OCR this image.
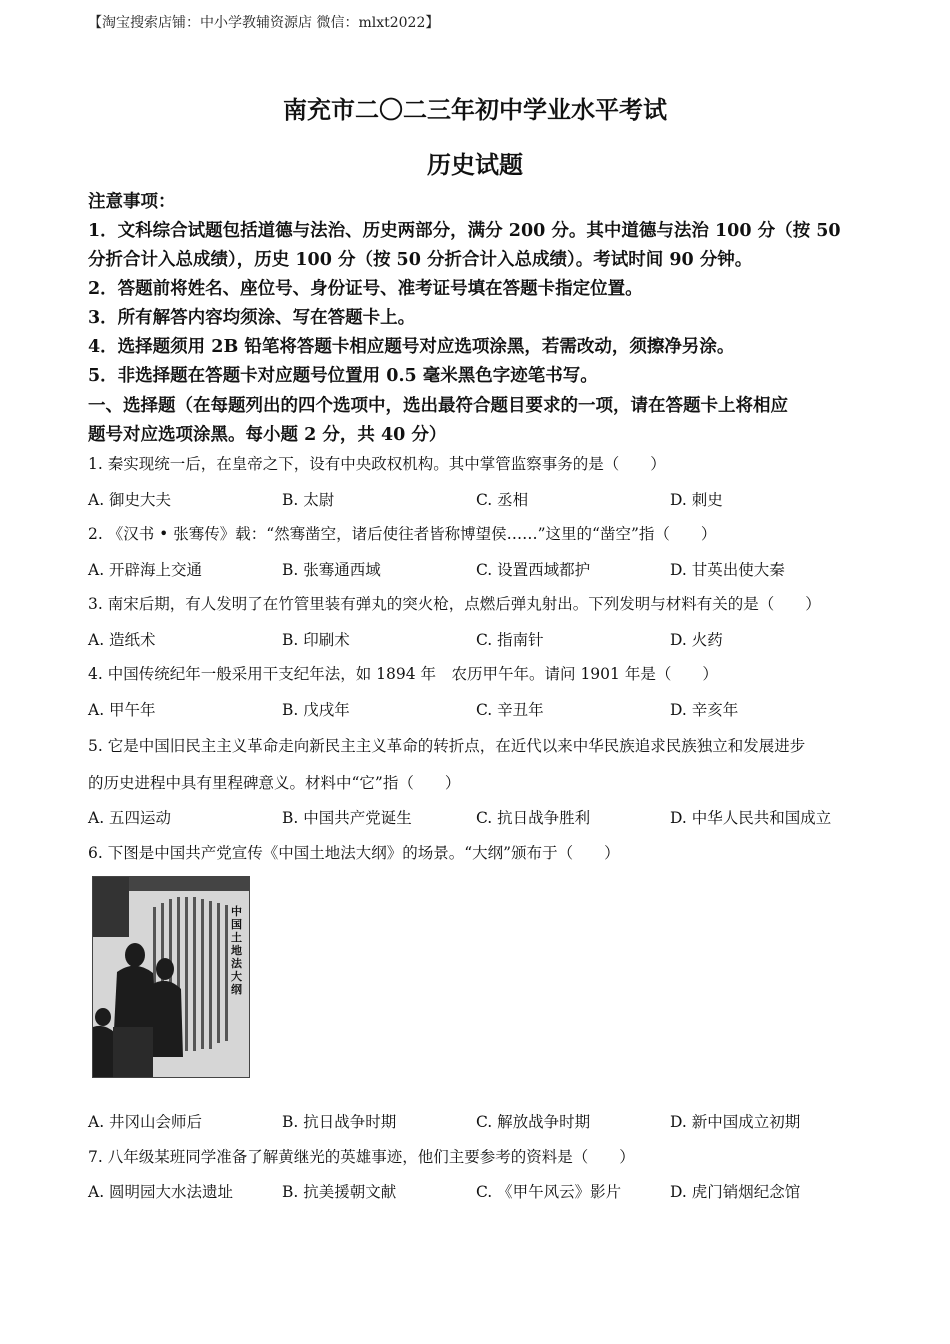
【淘宝搜索店铺：中小学教辅资源店 微信：mlxt2022】
南充市二〇二三年初中学业水平考试
历史试题
注意事项：
1．文科综合试题包括道德与法治、历史两部分，满分 200 分。其中道德与法治 100 分（按 50
分折合计入总成绩），历史 100 分（按 50 分折合计入总成绩）。考试时间 90 分钟。
2．答题前将姓名、座位号、身份证号、准考证号填在答题卡指定位置。
3．所有解答内容均须涂、写在答题卡上。
4．选择题须用 2B 铅笔将答题卡相应题号对应选项涂黑，若需改动，须擦净另涂。
5．非选择题在答题卡对应题号位置用 0.5 毫米黑色字迹笔书写。
一、选择题（在每题列出的四个选项中，选出最符合题目要求的一项，请在答题卡上将相应
题号对应选项涂黑。每小题 2 分，共 40 分）
1. 秦实现统一后，在皇帝之下，设有中央政权机构。其中掌管监察事务的是（　　）
A. 御史大夫	B. 太尉	C. 丞相	D. 刺史
2. 《汉书 • 张骞传》载：“然骞凿空，诸后使往者皆称博望侯……”这里的“凿空”指（　　）
A. 开辟海上交通	B. 张骞通西域	C. 设置西域都护	D. 甘英出使大秦
3. 南宋后期，有人发明了在竹管里装有弹丸的突火枪，点燃后弹丸射出。下列发明与材料有关的是（　　）
A. 造纸术	B. 印刷术	C. 指南针	D. 火药
4. 中国传统纪年一般采用干支纪年法，如 1894 年　农历甲午年。请问 1901 年是（　　）
A. 甲午年	B. 戊戌年	C. 辛丑年	D. 辛亥年
5. 它是中国旧民主主义革命走向新民主主义革命的转折点，在近代以来中华民族追求民族独立和发展进步
的历史进程中具有里程碑意义。材料中“它”指（　　）
A. 五四运动	B. 中国共产党诞生	C. 抗日战争胜利	D. 中华人民共和国成立
6. 下图是中国共产党宣传《中国土地法大纲》的场景。“大纲”颁布于（　　）
中国土地法大纲
A. 井冈山会师后	B. 抗日战争时期	C. 解放战争时期	D. 新中国成立初期
7. 八年级某班同学准备了解黄继光的英雄事迹，他们主要参考的资料是（　　）
A. 圆明园大水法遗址	B. 抗美援朝文献	C. 《甲午风云》影片	D. 虎门销烟纪念馆
